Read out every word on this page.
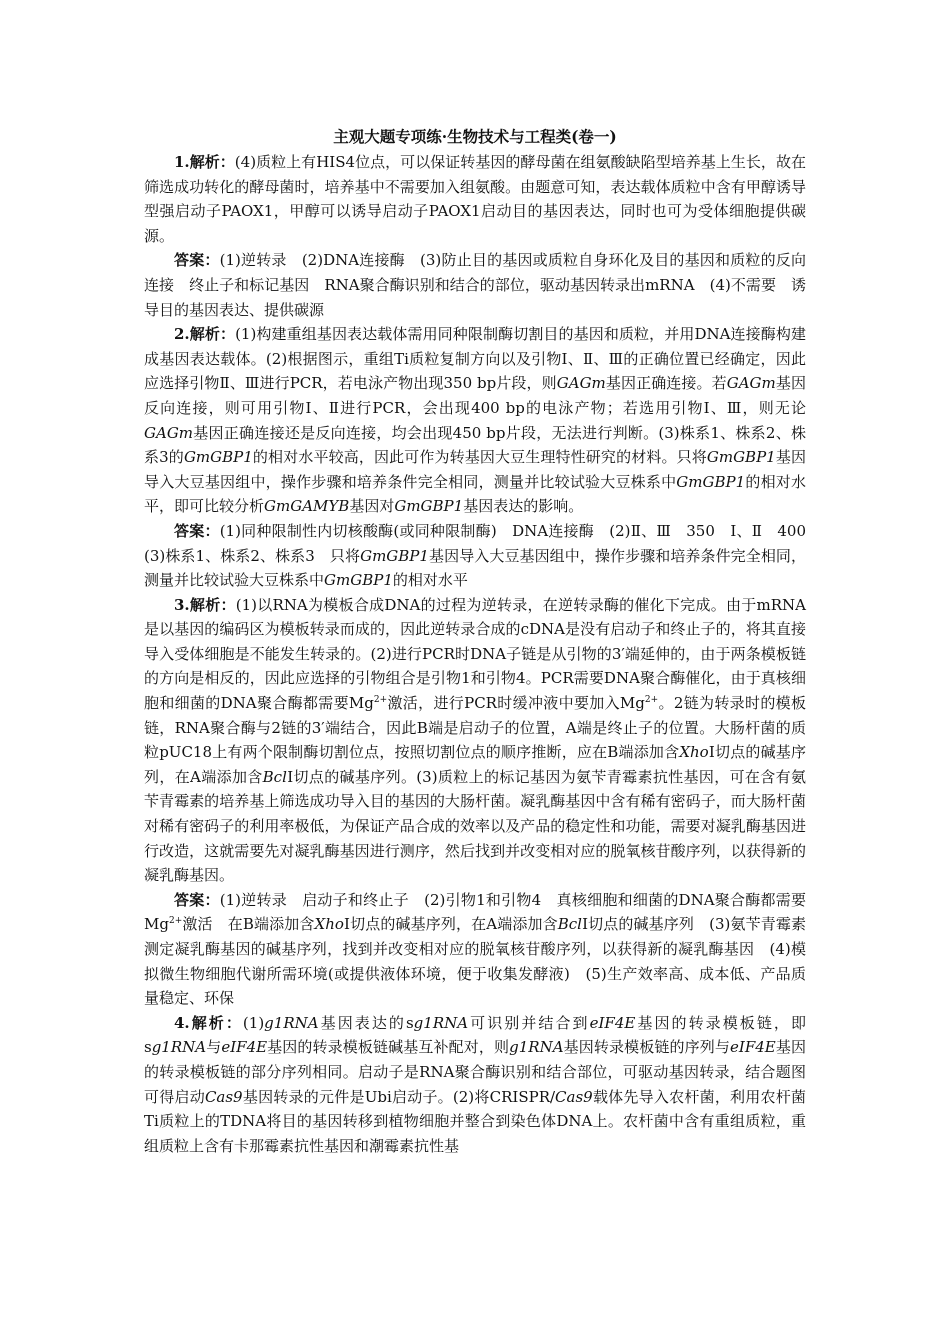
主观大题专项练·生物技术与工程类(卷一)

1.解析：(4)质粒上有HIS4位点，可以保证转基因的酵母菌在组氨酸缺陷型培养基上生长，故在筛选成功转化的酵母菌时，培养基中不需要加入组氨酸。由题意可知，表达载体质粒中含有甲醇诱导型强启动子PAOX1，甲醇可以诱导启动子PAOX1启动目的基因表达，同时也可为受体细胞提供碳源。

答案：(1)逆转录　(2)DNA连接酶　(3)防止目的基因或质粒自身环化及目的基因和质粒的反向连接　终止子和标记基因　RNA聚合酶识别和结合的部位，驱动基因转录出mRNA　(4)不需要　诱导目的基因表达、提供碳源

2.解析：(1)构建重组基因表达载体需用同种限制酶切割目的基因和质粒，并用DNA连接酶构建成基因表达载体。(2)根据图示，重组Ti质粒复制方向以及引物Ⅰ、Ⅱ、Ⅲ的正确位置已经确定，因此应选择引物Ⅱ、Ⅲ进行PCR，若电泳产物出现350 bp片段，则GAGm基因正确连接。若GAGm基因反向连接，则可用引物Ⅰ、Ⅱ进行PCR，会出现400 bp的电泳产物；若选用引物Ⅰ、Ⅲ，则无论GAGm基因正确连接还是反向连接，均会出现450 bp片段，无法进行判断。(3)株系1、株系2、株系3的GmGBP1的相对水平较高，因此可作为转基因大豆生理特性研究的材料。只将GmGBP1基因导入大豆基因组中，操作步骤和培养条件完全相同，测量并比较试验大豆株系中GmGBP1的相对水平，即可比较分析GmGAMYB基因对GmGBP1基因表达的影响。

答案：(1)同种限制性内切核酸酶(或同种限制酶)　DNA连接酶　(2)Ⅱ、Ⅲ　350　Ⅰ、Ⅱ　400　(3)株系1、株系2、株系3　只将GmGBP1基因导入大豆基因组中，操作步骤和培养条件完全相同，测量并比较试验大豆株系中GmGBP1的相对水平

3.解析：(1)以RNA为模板合成DNA的过程为逆转录，在逆转录酶的催化下完成。由于mRNA是以基因的编码区为模板转录而成的，因此逆转录合成的cDNA是没有启动子和终止子的，将其直接导入受体细胞是不能发生转录的。(2)进行PCR时DNA子链是从引物的3′端延伸的，由于两条模板链的方向是相反的，因此应选择的引物组合是引物1和引物4。PCR需要DNA聚合酶催化，由于真核细胞和细菌的DNA聚合酶都需要$Mg^{2+}$激活，进行PCR时缓冲液中要加入$Mg^{2+}$。2链为转录时的模板链，RNA聚合酶与2链的3′端结合，因此B端是启动子的位置，A端是终止子的位置。大肠杆菌的质粒pUC18上有两个限制酶切割位点，按照切割位点的顺序推断，应在B端添加含XhoⅠ切点的碱基序列，在A端添加含BclⅠ切点的碱基序列。(3)质粒上的标记基因为氨苄青霉素抗性基因，可在含有氨苄青霉素的培养基上筛选成功导入目的基因的大肠杆菌。凝乳酶基因中含有稀有密码子，而大肠杆菌对稀有密码子的利用率极低，为保证产品合成的效率以及产品的稳定性和功能，需要对凝乳酶基因进行改造，这就需要先对凝乳酶基因进行测序，然后找到并改变相对应的脱氧核苷酸序列，以获得新的凝乳酶基因。

答案：(1)逆转录　启动子和终止子　(2)引物1和引物4　真核细胞和细菌的DNA聚合酶都需要$Mg^{2+}$激活　在B端添加含XhoⅠ切点的碱基序列，在A端添加含BclⅠ切点的碱基序列　(3)氨苄青霉素　测定凝乳酶基因的碱基序列，找到并改变相对应的脱氧核苷酸序列，以获得新的凝乳酶基因　(4)模拟微生物细胞代谢所需环境(或提供液体环境，便于收集发酵液)　(5)生产效率高、成本低、产品质量稳定、环保

4.解析：(1)g1RNA基因表达的sg1RNA可识别并结合到eIF4E基因的转录模板链，即sg1RNA与eIF4E基因的转录模板链碱基互补配对，则g1RNA基因转录模板链的序列与eIF4E基因的转录模板链的部分序列相同。启动子是RNA聚合酶识别和结合部位，可驱动基因转录，结合题图可得启动Cas9基因转录的元件是Ubi启动子。(2)将CRISPR/Cas9载体先导入农杆菌，利用农杆菌Ti质粒上的TDNA将目的基因转移到植物细胞并整合到染色体DNA上。农杆菌中含有重组质粒，重组质粒上含有卡那霉素抗性基因和潮霉素抗性基
